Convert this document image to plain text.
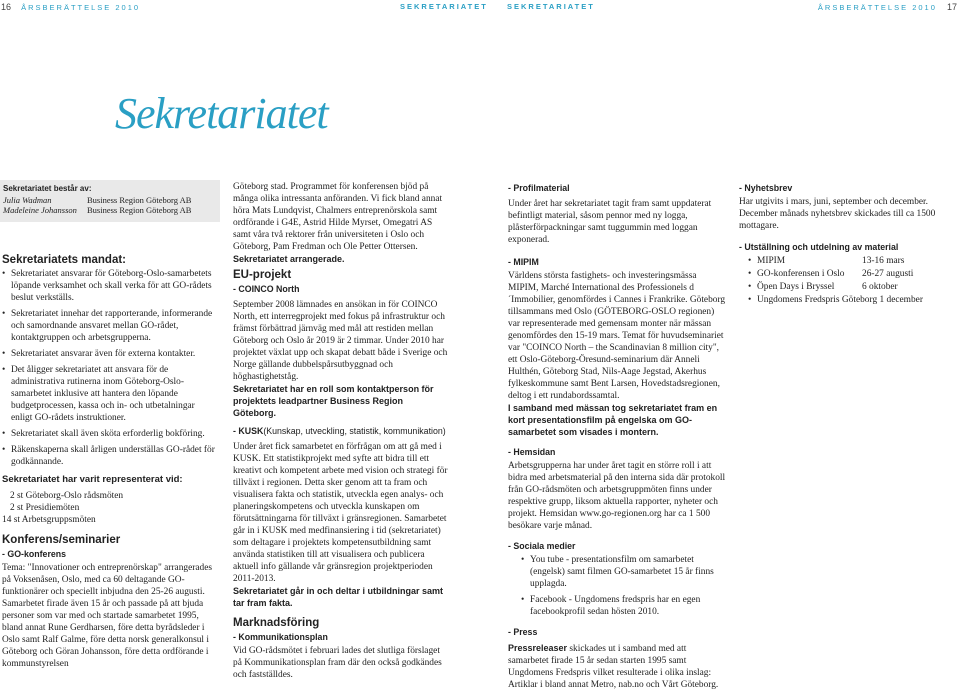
16 ÅRSBERÄTTELSE 2010	SEKRETARIATET	SEKRETARIATET	ÅRSBERÄTTELSE 2010 17
Sekretariatet
Sekretariatet består av:
Julia Wadman	Business Region Göteborg AB
Madeleine Johansson	Business Region Göteborg AB
Sekretariatets mandat:
• Sekretariatet ansvarar för Göteborg-Oslo-samarbetets löpande verksamhet och skall verka för att GO-rådets beslut verkställs.
• Sekretariatet innehar det rapporterande, informerande och samordnande ansvaret mellan GO-rådet, kontaktgruppen och arbetsgrupperna.
• Sekretariatet ansvarar även för externa kontakter.
• Det åligger sekretariatet att ansvara för de administrativa rutinerna inom Göteborg-Oslo-samarbetet inklusive att hantera den löpande budgetprocessen, kassa och in- och utbetalningar enligt GO-rådets instruktioner.
• Sekretariatet skall även sköta erforderlig bokföring.
• Räkenskaperna skall årligen underställas GO-rådet för godkännande.
Sekretariatet har varit representerat vid:
2 st Göteborg-Oslo rådsmöten
2 st Presidiemöten
14 st Arbetsgruppsmöten
Konferens/seminarier
- GO-konferens

Tema: "Innovationer och entreprenörskap" arrangerades på Voksenåsen, Oslo, med ca 60 deltagande GO-funktionärer och speciellt inbjudna den 25-26 augusti. Samarbetet firade även 15 år och passade på att bjuda personer som var med och startade samarbetet 1995, bland annat Rune Gerdharsen, före detta byrådsleder i Oslo samt Ralf Galme, före detta norsk generalkonsul i Göteborg och Göran Johansson, före detta ordförande i kommunstyrelsen

Göteborg stad. Programmet för konferensen bjöd på många olika intressanta anföranden. Vi fick bland annat höra Mats Lundqvist, Chalmers entreprenörskola samt ordförande i G4E, Astrid Hilde Myrset, Omegatri AS samt våra två rektorer från universiteten i Oslo och Göteborg, Pam Fredman och Ole Petter Ottersen.

Sekretariatet arrangerade.

EU-projekt
- COINCO North

September 2008 lämnades en ansökan in för COINCO North, ett interregprojekt med fokus på infrastruktur och främst förbättrad järnväg med mål att restiden mellan Göteborg och Oslo år 2019 är 2 timmar. Under 2010 har projektet växlat upp och skapat debatt både i Sverige och Norge gällande dubbelspårsutbyggnad och höghastighetståg.

Sekretariatet har en roll som kontaktperson för projektets leadpartner Business Region Göteborg.

- KUSK(Kunskap, utveckling, statistik, kommunikation)

Under året fick samarbetet en förfrågan om att gå med i KUSK. Ett statistikprojekt med syfte att bidra till ett kreativt och kompetent arbete med vision och strategi för tillväxt i regionen. Detta sker genom att ta fram och visualisera fakta och statistik, utveckla egen analys- och planeringskompetens och utveckla kunskapen om förutsättningarna för tillväxt i gränsregionen. Samarbetet går in i KUSK med medfinansiering i tid (sekretariatet) som deltagare i projektets kompetensutbildning samt använda statistiken till att visualisera och publicera aktuell info gällande vår gränsregion projektperioden 2011-2013.

Sekretariatet går in och deltar i utbildningar samt tar fram fakta.

Marknadsföring
- Kommunikationsplan

Vid GO-rådsmötet i februari lades det slutliga förslaget på Kommunikationsplan fram där den också godkändes och fastställdes.

- Profilmaterial

Under året har sekretariatet tagit fram samt uppdaterat befintligt material, såsom pennor med ny logga, plåsterförpackningar samt tuggummin med loggan exponerad.

- MIPIM

Världens största fastighets- och investeringsmässa MIPIM, Marché International des Professionels d´Immobilier, genomfördes i Cannes i Frankrike. Göteborg tillsammans med Oslo (GÖTEBORG-OSLO regionen) var representerade med gemensam monter när mässan genomfördes den 15-19 mars. Temat för huvudseminariet var "COINCO North – the Scandinavian 8 million city", ett Oslo-Göteborg-Öresund-seminarium där Anneli Hulthén, Göteborg Stad, Nils-Aage Jegstad, Akerhus fylkeskommune samt Bent Larsen, Hovedstadsregionen, deltog i ett rundabordssamtal.

I samband med mässan tog sekretariatet fram en kort presentationsfilm på engelska om GO-samarbetet som visades i montern.

- Hemsidan

Arbetsgrupperna har under året tagit en större roll i att bidra med arbetsmaterial på den interna sida där protokoll från GO-rådsmöten och arbetsgruppmöten finns under respektive grupp, liksom aktuella rapporter, nyheter och projekt. Hemsidan www.go-regionen.org har ca 1 500 besökare varje månad.

- Sociala medier
• You tube - presentationsfilm om samarbetet (engelsk) samt filmen GO-samarbetet 15 år finns upplagda.
• Facebook - Ungdomens fredspris har en egen facebookprofil sedan hösten 2010.
- Press

Pressreleaser skickades ut i samband med att samarbetet firade 15 år sedan starten 1995 samt Ungdomens Fredspris vilket resulterade i olika inslag:

Artiklar i bland annat Metro, nab.no och Vårt Göteborg.

- Nyhetsbrev

Har utgivits i mars, juni, september och december. December månads nyhetsbrev skickades till ca 1500 mottagare.

- Utställning och utdelning av material
• MIPIM	13-16 mars
• GO-konferensen i Oslo 26-27 augusti
• Öpen Days i Bryssel	6 oktober
• Ungdomens Fredspris Göteborg 1 december
